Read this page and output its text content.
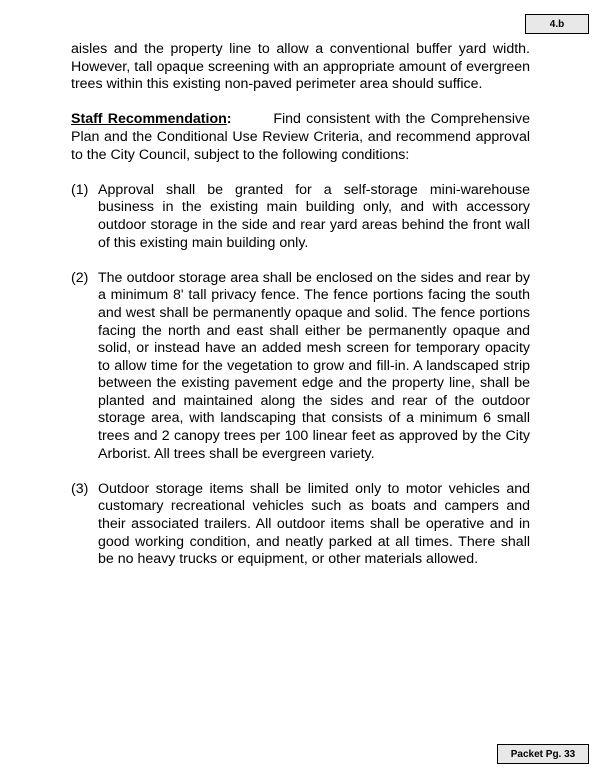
4.b

aisles and the property line to allow a conventional buffer yard width. However, tall opaque screening with an appropriate amount of evergreen trees within this existing non-paved perimeter area should suffice.

Staff Recommendation:	Find consistent with the Comprehensive Plan and the Conditional Use Review Criteria, and recommend approval to the City Council, subject to the following conditions:

(1) Approval shall be granted for a self-storage mini-warehouse business in the existing main building only, and with accessory outdoor storage in the side and rear yard areas behind the front wall of this existing main building only.
(2) The outdoor storage area shall be enclosed on the sides and rear by a minimum 8' tall privacy fence. The fence portions facing the south and west shall be permanently opaque and solid. The fence portions facing the north and east shall either be permanently opaque and solid, or instead have an added mesh screen for temporary opacity to allow time for the vegetation to grow and fill-in. A landscaped strip between the existing pavement edge and the property line, shall be planted and maintained along the sides and rear of the outdoor storage area, with landscaping that consists of a minimum 6 small trees and 2 canopy trees per 100 linear feet as approved by the City Arborist. All trees shall be evergreen variety.
(3) Outdoor storage items shall be limited only to motor vehicles and customary recreational vehicles such as boats and campers and their associated trailers. All outdoor items shall be operative and in good working condition, and neatly parked at all times. There shall be no heavy trucks or equipment, or other materials allowed.
Packet Pg. 33
